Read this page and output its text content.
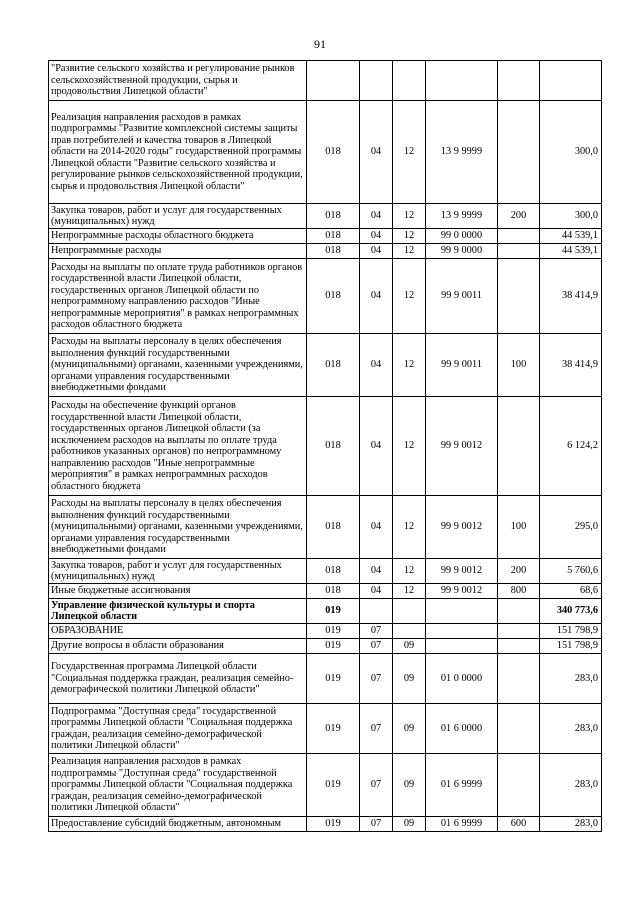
91
"Развитие сельского хозяйства и регулирование рынков сельскохозяйственной продукции, сырья и продовольствия Липецкой области"						
Реализация направления расходов в рамках подпрограммы "Развитие комплексной системы защиты прав потребителей и качества товаров в Липецкой области на 2014-2020 годы" государственной программы Липецкой области "Развитие сельского хозяйства и регулирование рынков сельскохозяйственной продукции, сырья и продовольствия Липецкой области"	018	04	12	13 9 9999		300,0
Закупка товаров, работ и услуг для государственных (муниципальных) нужд	018	04	12	13 9 9999	200	300,0
Непрограммные расходы областного бюджета	018	04	12	99 0 0000		44 539,1
Непрограммные расходы	018	04	12	99 9 0000		44 539,1
Расходы на выплаты по оплате труда работников органов государственной власти Липецкой области, государственных органов Липецкой области по непрограммному направлению расходов "Иные непрограммные мероприятия" в рамках непрограммных расходов областного бюджета	018	04	12	99 9 0011		38 414,9
Расходы на выплаты персоналу в целях обеспечения выполнения функций государственными (муниципальными) органами, казенными учреждениями, органами управления государственными внебюджетными фондами	018	04	12	99 9 0011	100	38 414,9
Расходы на обеспечение функций органов государственной власти Липецкой области, государственных органов Липецкой области (за исключением расходов на выплаты по оплате труда работников указанных органов) по непрограммному направлению расходов "Иные непрограммные мероприятия" в рамках непрограммных расходов областного бюджета	018	04	12	99 9 0012		6 124,2
Расходы на выплаты персоналу в целях обеспечения выполнения функций государственными (муниципальными) органами, казенными учреждениями, органами управления государственными внебюджетными фондами	018	04	12	99 9 0012	100	295,0
Закупка товаров, работ и услуг для государственных (муниципальных) нужд	018	04	12	99 9 0012	200	5 760,6
Иные бюджетные ассигнования	018	04	12	99 9 0012	800	68,6
Управление физической культуры и спорта Липецкой области	019					340 773,6
ОБРАЗОВАНИЕ	019	07				151 798,9
Другие вопросы в области образования	019	07	09			151 798,9
Государственная программа Липецкой области "Социальная поддержка граждан, реализация семейно-демографической политики Липецкой области"	019	07	09	01 0 0000		283,0
Подпрограмма "Доступная среда" государственной программы Липецкой области "Социальная поддержка граждан, реализация семейно-демографической политики Липецкой области"	019	07	09	01 6 0000		283,0
Реализация направления расходов в рамках подпрограммы "Доступная среда" государственной программы Липецкой области "Социальная поддержка граждан, реализация семейно-демографической политики Липецкой области"	019	07	09	01 6 9999		283,0
Предоставление субсидий бюджетным, автономным	019	07	09	01 6 9999	600	283,0
